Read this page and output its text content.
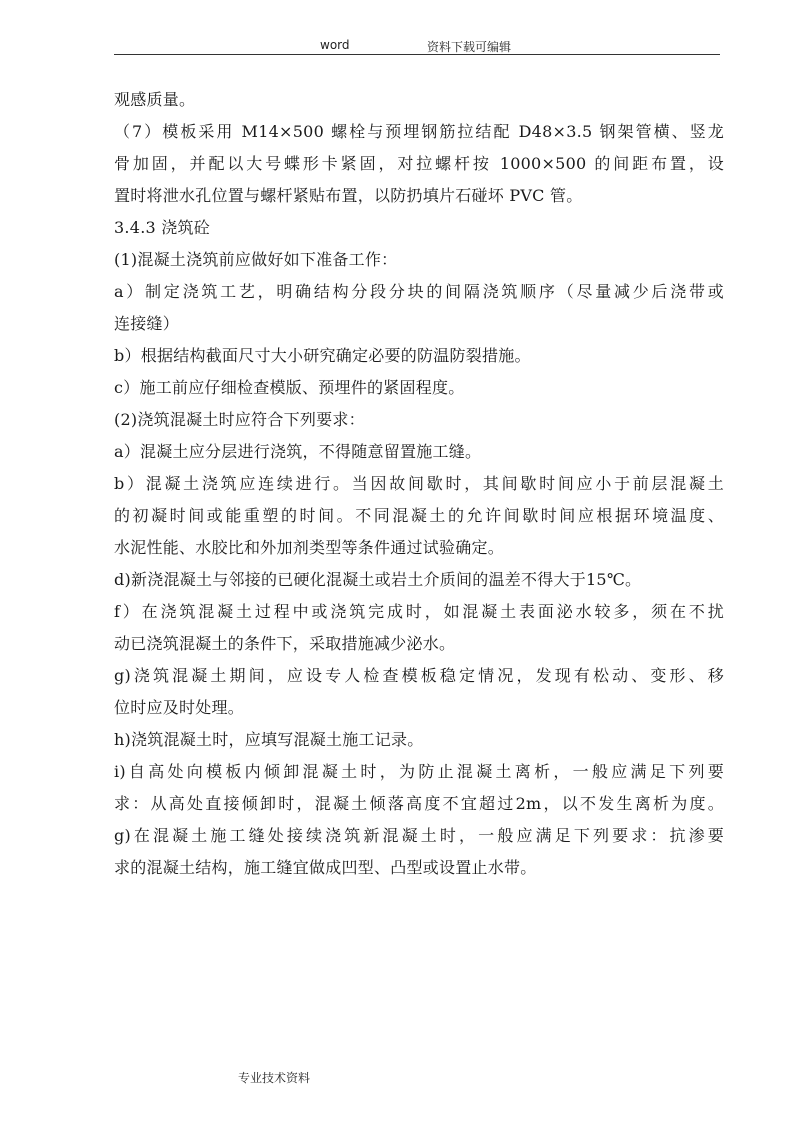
word	资料下载可编辑
观感质量。
（7）模板采用 M14×500 螺栓与预埋钢筋拉结配 D48×3.5 钢架管横、竖龙
骨加固，并配以大号蝶形卡紧固，对拉螺杆按 1000×500 的间距布置，设
置时将泄水孔位置与螺杆紧贴布置，以防扔填片石碰坏 PVC 管。
3.4.3 浇筑砼
(1)混凝土浇筑前应做好如下准备工作：
a）制定浇筑工艺，明确结构分段分块的间隔浇筑顺序（尽量减少后浇带或
连接缝）
b）根据结构截面尺寸大小研究确定必要的防温防裂措施。
c）施工前应仔细检查模版、预埋件的紧固程度。
(2)浇筑混凝土时应符合下列要求：
a）混凝土应分层进行浇筑，不得随意留置施工缝。
b）混凝土浇筑应连续进行。当因故间歇时，其间歇时间应小于前层混凝土
的初凝时间或能重塑的时间。不同混凝土的允许间歇时间应根据环境温度、
水泥性能、水胶比和外加剂类型等条件通过试验确定。
d)新浇混凝土与邻接的已硬化混凝土或岩土介质间的温差不得大于15℃。
f）在浇筑混凝土过程中或浇筑完成时，如混凝土表面泌水较多，须在不扰
动已浇筑混凝土的条件下，采取措施减少泌水。
g)浇筑混凝土期间，应设专人检查模板稳定情况，发现有松动、变形、移
位时应及时处理。
h)浇筑混凝土时，应填写混凝土施工记录。
i)自高处向模板内倾卸混凝土时，为防止混凝土离析，一般应满足下列要
求：从高处直接倾卸时，混凝土倾落高度不宜超过2m，以不发生离析为度。
g)在混凝土施工缝处接续浇筑新混凝土时，一般应满足下列要求：抗渗要
求的混凝土结构，施工缝宜做成凹型、凸型或设置止水带。
专业技术资料
